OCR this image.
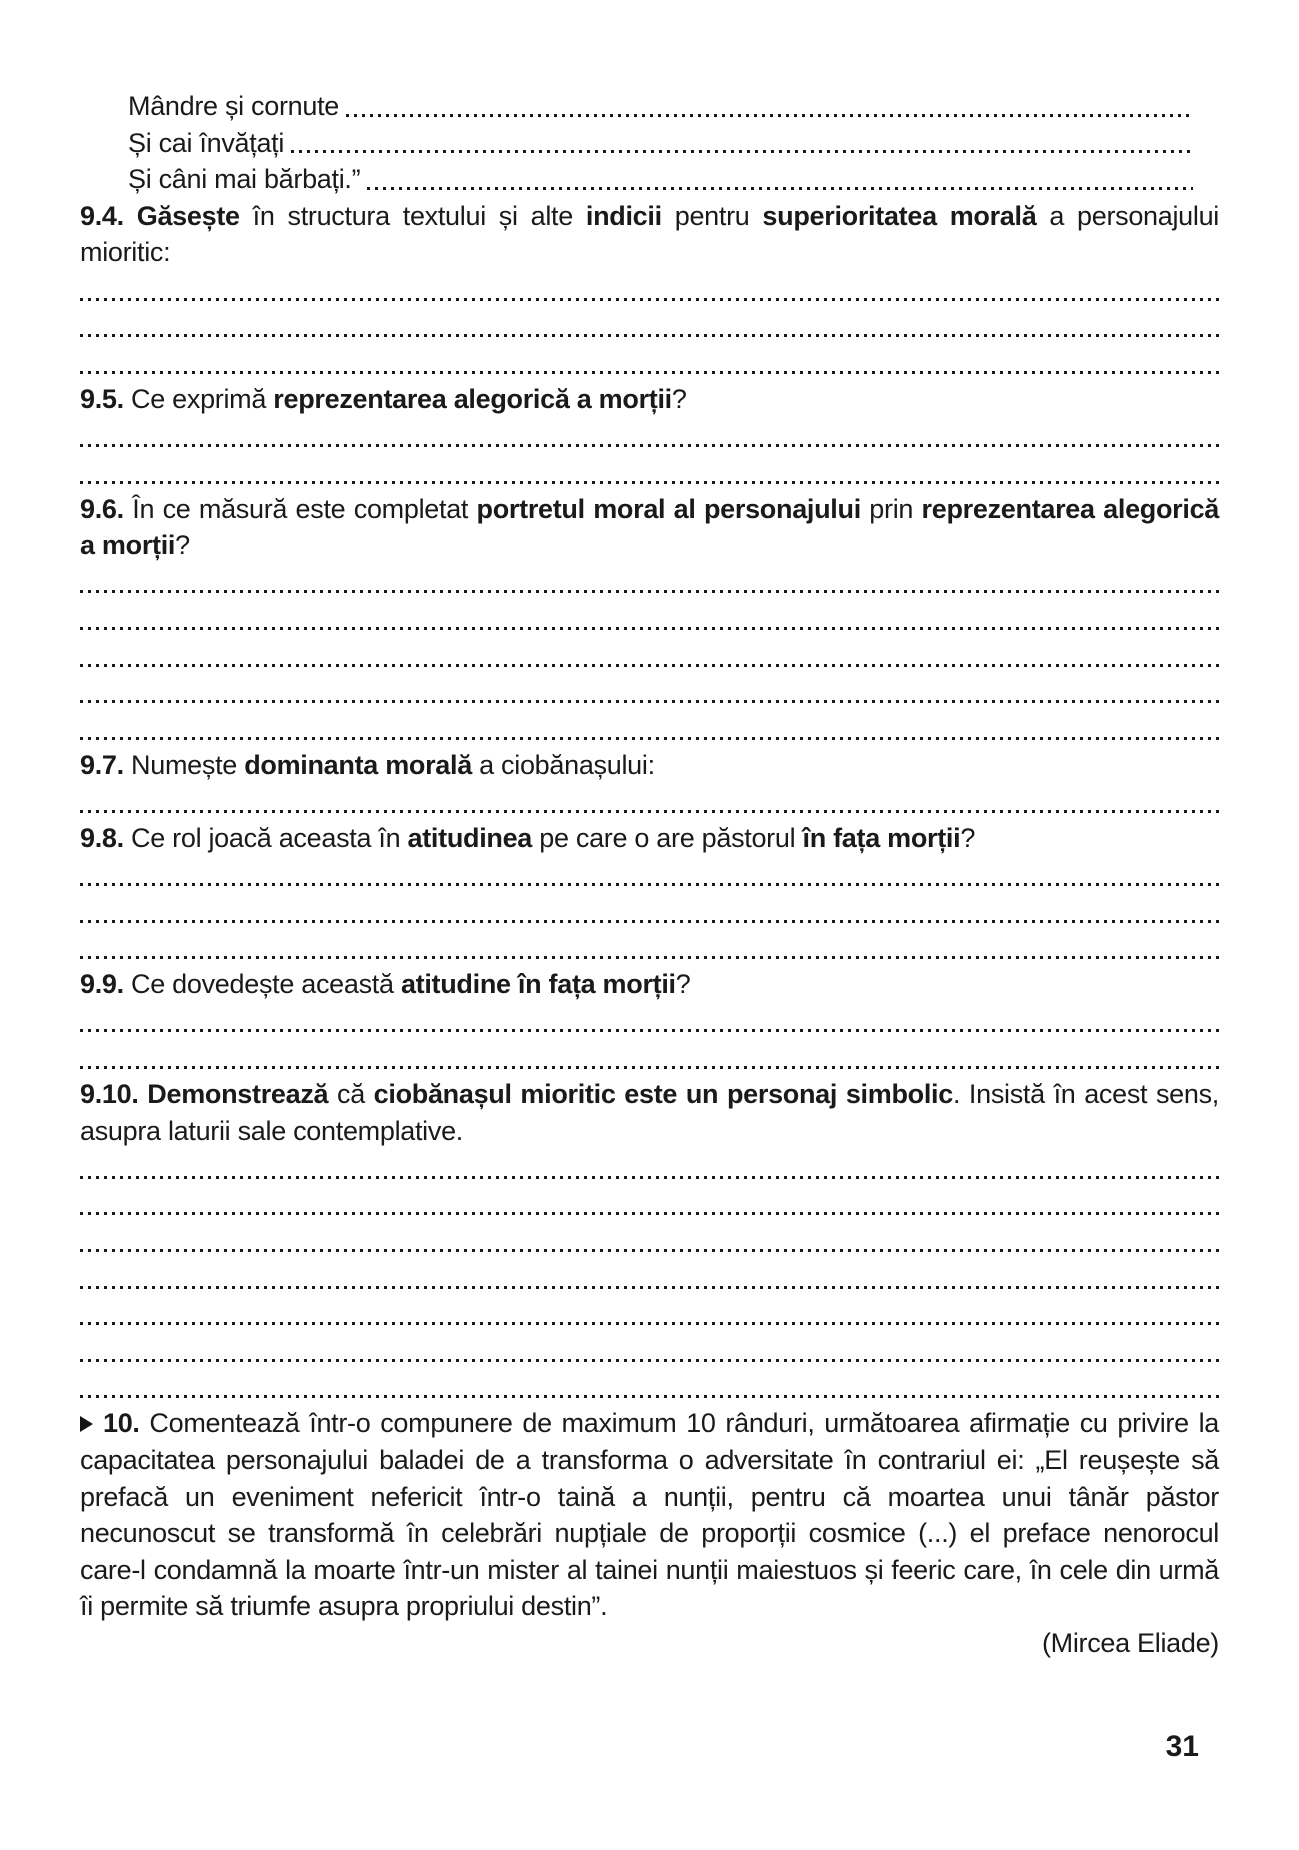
Mândre și cornute
Și cai învățați
Și câni mai bărbați.”

9.4. Găsește în structura textului și alte indicii pentru superioritatea morală a personajului mioritic:

9.5. Ce exprimă reprezentarea alegorică a morții?

9.6. În ce măsură este completat portretul moral al personajului prin reprezentarea alegorică a morții?

9.7. Numește dominanta morală a ciobănașului:

9.8. Ce rol joacă aceasta în atitudinea pe care o are păstorul în fața morții?

9.9. Ce dovedește această atitudine în fața morții?

9.10. Demonstrează că ciobănașul mioritic este un personaj simbolic. Insistă în acest sens, asupra laturii sale contemplative.

10. Comentează într-o compunere de maximum 10 rânduri, următoarea afirmație cu privire la capacitatea personajului baladei de a transforma o adversitate în contrariul ei: „El reușește să prefacă un eveniment nefericit într-o taină a nunții, pentru că moartea unui tânăr păstor necunoscut se transformă în celebrări nupțiale de proporții cosmice (...) el preface nenorocul care-l condamnă la moarte într-un mister al tainei nunții maiestuos și feeric care, în cele din urmă îi permite să triumfe asupra propriului destin”.

(Mircea Eliade)

31
